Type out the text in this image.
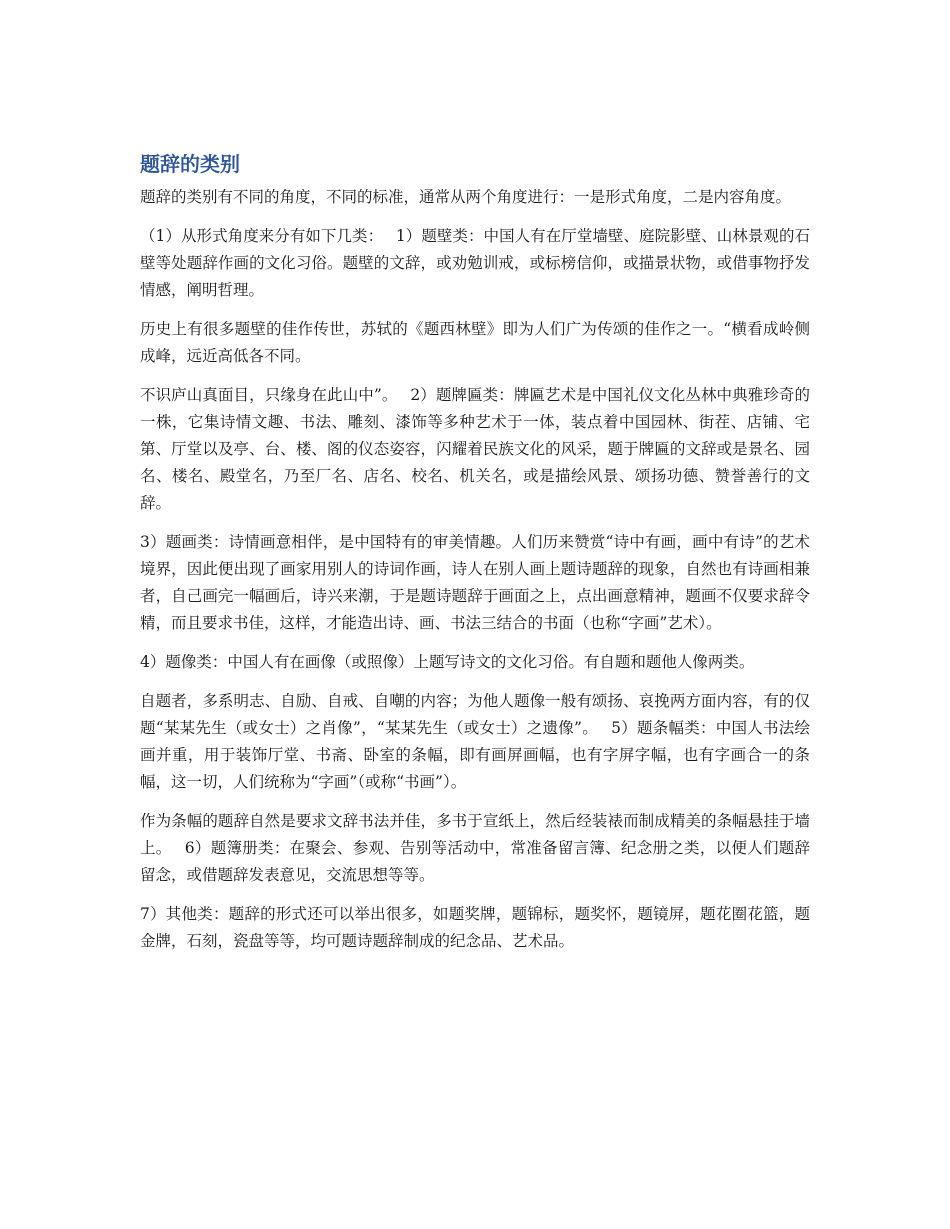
题辞的类别

题辞的类别有不同的角度，不同的标准，通常从两个角度进行：一是形式角度，二是内容角度。

（1）从形式角度来分有如下几类：　 1）题壁类：中国人有在厅堂墙壁、庭院影壁、山林景观的石壁等处题辞作画的文化习俗。题壁的文辞，或劝勉训戒，或标榜信仰，或描景状物，或借事物抒发情感，阐明哲理。

历史上有很多题壁的佳作传世，苏轼的《题西林壁》即为人们广为传颂的佳作之一。“横看成岭侧成峰，远近高低各不同。

不识庐山真面目，只缘身在此山中”。　 2）题牌匾类：牌匾艺术是中国礼仪文化丛林中典雅珍奇的一株，它集诗情文趣、书法、雕刻、漆饰等多种艺术于一体，装点着中国园林、街茬、店铺、宅第、厅堂以及亭、台、楼、阁的仪态姿容，闪耀着民族文化的风采，题于牌匾的文辞或是景名、园名、楼名、殿堂名，乃至厂名、店名、校名、机关名，或是描绘风景、颂扬功德、赞誉善行的文辞。

3）题画类：诗情画意相伴，是中国特有的审美情趣。人们历来赞赏“诗中有画，画中有诗”的艺术境界，因此便出现了画家用别人的诗词作画，诗人在别人画上题诗题辞的现象，自然也有诗画相兼者，自己画完一幅画后，诗兴来潮，于是题诗题辞于画面之上，点出画意精神，题画不仅要求辞令精，而且要求书佳，这样，才能造出诗、画、书法三结合的书面（也称“字画”艺术）。

4）题像类：中国人有在画像（或照像）上题写诗文的文化习俗。有自题和题他人像两类。

自题者，多系明志、自励、自戒、自嘲的内容；为他人题像一般有颂扬、哀挽两方面内容，有的仅题“某某先生（或女士）之肖像”，“某某先生（或女士）之遗像”。　 5）题条幅类：中国人书法绘画并重，用于装饰厅堂、书斋、卧室的条幅，即有画屏画幅，也有字屏字幅，也有字画合一的条幅，这一切，人们统称为“字画”（或称“书画”）。

作为条幅的题辞自然是要求文辞书法并佳，多书于宣纸上，然后经装裱而制成精美的条幅悬挂于墙上。　 6）题簿册类：在聚会、参观、告别等活动中，常准备留言簿、纪念册之类，以便人们题辞留念，或借题辞发表意见，交流思想等等。

7）其他类：题辞的形式还可以举出很多，如题奖牌，题锦标，题奖怀，题镜屏，题花圈花篮，题金牌，石刻，瓷盘等等，均可题诗题辞制成的纪念品、艺术品。
